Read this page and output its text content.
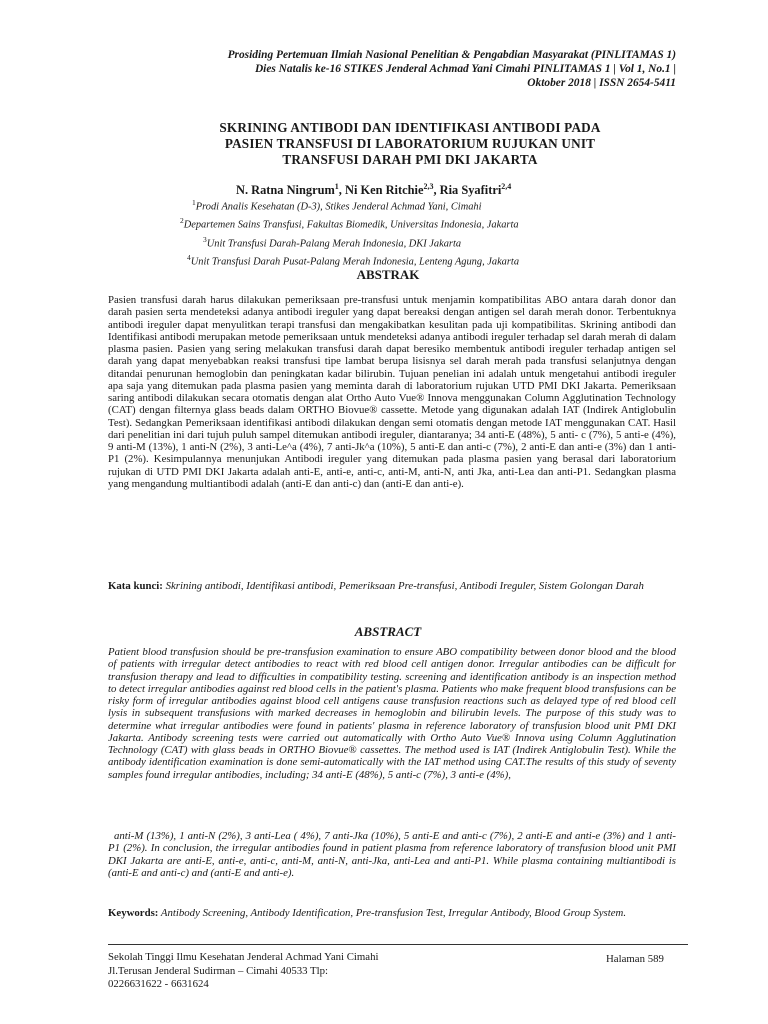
Prosiding Pertemuan Ilmiah Nasional Penelitian & Pengabdian Masyarakat (PINLITAMAS 1)
Dies Natalis ke-16 STIKES Jenderal Achmad Yani Cimahi PINLITAMAS 1 | Vol 1, No.1 |
Oktober 2018 | ISSN 2654-5411
SKRINING ANTIBODI DAN IDENTIFIKASI ANTIBODI PADA
PASIEN TRANSFUSI DI LABORATORIUM RUJUKAN UNIT
TRANSFUSI DARAH PMI DKI JAKARTA
N. Ratna Ningrum$^1$, Ni Ken Ritchie$^{2,3}$, Ria Syafitri$^{2,4}$
$^1$Prodi Analis Kesehatan (D-3), Stikes Jenderal Achmad Yani, Cimahi
$^2$Departemen Sains Transfusi, Fakultas Biomedik, Universitas Indonesia, Jakarta
$^3$Unit Transfusi Darah-Palang Merah Indonesia, DKI Jakarta
$^4$Unit Transfusi Darah Pusat-Palang Merah Indonesia, Lenteng Agung, Jakarta
ABSTRAK
Pasien transfusi darah harus dilakukan pemeriksaan pre-transfusi untuk menjamin kompatibilitas ABO antara darah donor dan darah pasien serta mendeteksi adanya antibodi ireguler yang dapat bereaksi dengan antigen sel darah merah donor. Terbentuknya antibodi ireguler dapat menyulitkan terapi transfusi dan mengakibatkan kesulitan pada uji kompatibilitas. Skrining antibodi dan Identifikasi antibodi merupakan metode pemeriksaan untuk mendeteksi adanya antibodi ireguler terhadap sel darah merah di dalam plasma pasien. Pasien yang sering melakukan transfusi darah dapat beresiko membentuk antibodi ireguler terhadap antigen sel darah yang dapat menyebabkan reaksi transfusi tipe lambat berupa lisisnya sel darah merah pada transfusi selanjutnya dengan ditandai penurunan hemoglobin dan peningkatan kadar bilirubin. Tujuan penelian ini adalah untuk mengetahui antibodi ireguler apa saja yang ditemukan pada plasma pasien yang meminta darah di laboratorium rujukan UTD PMI DKI Jakarta. Pemeriksaan saring antibodi dilakukan secara otomatis dengan alat Ortho Auto Vue® Innova menggunakan Column Agglutination Technology (CAT) dengan filternya glass beads dalam ORTHO Biovue® cassette. Metode yang digunakan adalah IAT (Indirek Antiglobulin Test). Sedangkan Pemeriksaan identifikasi antibodi dilakukan dengan semi otomatis dengan metode IAT menggunakan CAT. Hasil dari penelitian ini dari tujuh puluh sampel ditemukan antibodi ireguler, diantaranya; 34 anti-E (48%), 5 anti- c (7%), 5 anti-e (4%), 9 anti-M (13%), 1 anti-N (2%), 3 anti-Le^a (4%), 7 anti-Jk^a (10%), 5 anti-E dan anti-c (7%), 2 anti-E dan anti-e (3%) dan 1 anti-P1 (2%). Kesimpulannya menunjukan Antibodi ireguler yang ditemukan pada plasma pasien yang berasal dari laboratorium rujukan di UTD PMI DKI Jakarta adalah anti-E, anti-e, anti-c, anti-M, anti-N, anti Jka, anti-Lea dan anti-P1. Sedangkan plasma yang mengandung multiantibodi adalah (anti-E dan anti-c) dan (anti-E dan anti-e).
Kata kunci: Skrining antibodi, Identifikasi antibodi, Pemeriksaan Pre-transfusi, Antibodi Ireguler, Sistem Golongan Darah
ABSTRACT
Patient blood transfusion should be pre-transfusion examination to ensure ABO compatibility between donor blood and the blood of patients with irregular detect antibodies to react with red blood cell antigen donor. Irregular antibodies can be difficult for transfusion therapy and lead to difficulties in compatibility testing. screening and identification antibody is an inspection method to detect irregular antibodies against red blood cells in the patient's plasma. Patients who make frequent blood transfusions can be risky form of irregular antibodies against blood cell antigens cause transfusion reactions such as delayed type of red blood cell lysis in subsequent transfusions with marked decreases in hemoglobin and bilirubin levels. The purpose of this study was to determine what irregular antibodies were found in patients' plasma in reference laboratory of transfusion blood unit PMI DKI Jakarta. Antibody screening tests were carried out automatically with Ortho Auto Vue® Innova using Column Agglutination Technology (CAT) with glass beads in ORTHO Biovue® cassettes. The method used is IAT (Indirek Antiglobulin Test). While the antibody identification examination is done semi-automatically with the IAT method using CAT.The results of this study of seventy samples found irregular antibodies, including; 34 anti-E (48%), 5 anti-c (7%), 3 anti-e (4%),
anti-M (13%), 1 anti-N (2%), 3 anti-Lea ( 4%), 7 anti-Jka (10%), 5 anti-E and anti-c (7%), 2 anti-E and anti-e (3%) and 1 anti-P1 (2%). In conclusion, the irregular antibodies found in patient plasma from reference laboratory of transfusion blood unit PMI DKI Jakarta are anti-E, anti-e, anti-c, anti-M, anti-N, anti-Jka, anti-Lea and anti-P1. While plasma containing multiantibodi is (anti-E and anti-c) and (anti-E and anti-e).
Keywords: Antibody Screening, Antibody Identification, Pre-transfusion Test, Irregular Antibody, Blood Group System.
Sekolah Tinggi Ilmu Kesehatan Jenderal Achmad Yani Cimahi
Jl.Terusan Jenderal Sudirman – Cimahi 40533 Tlp:
0226631622 - 6631624
Halaman 589
